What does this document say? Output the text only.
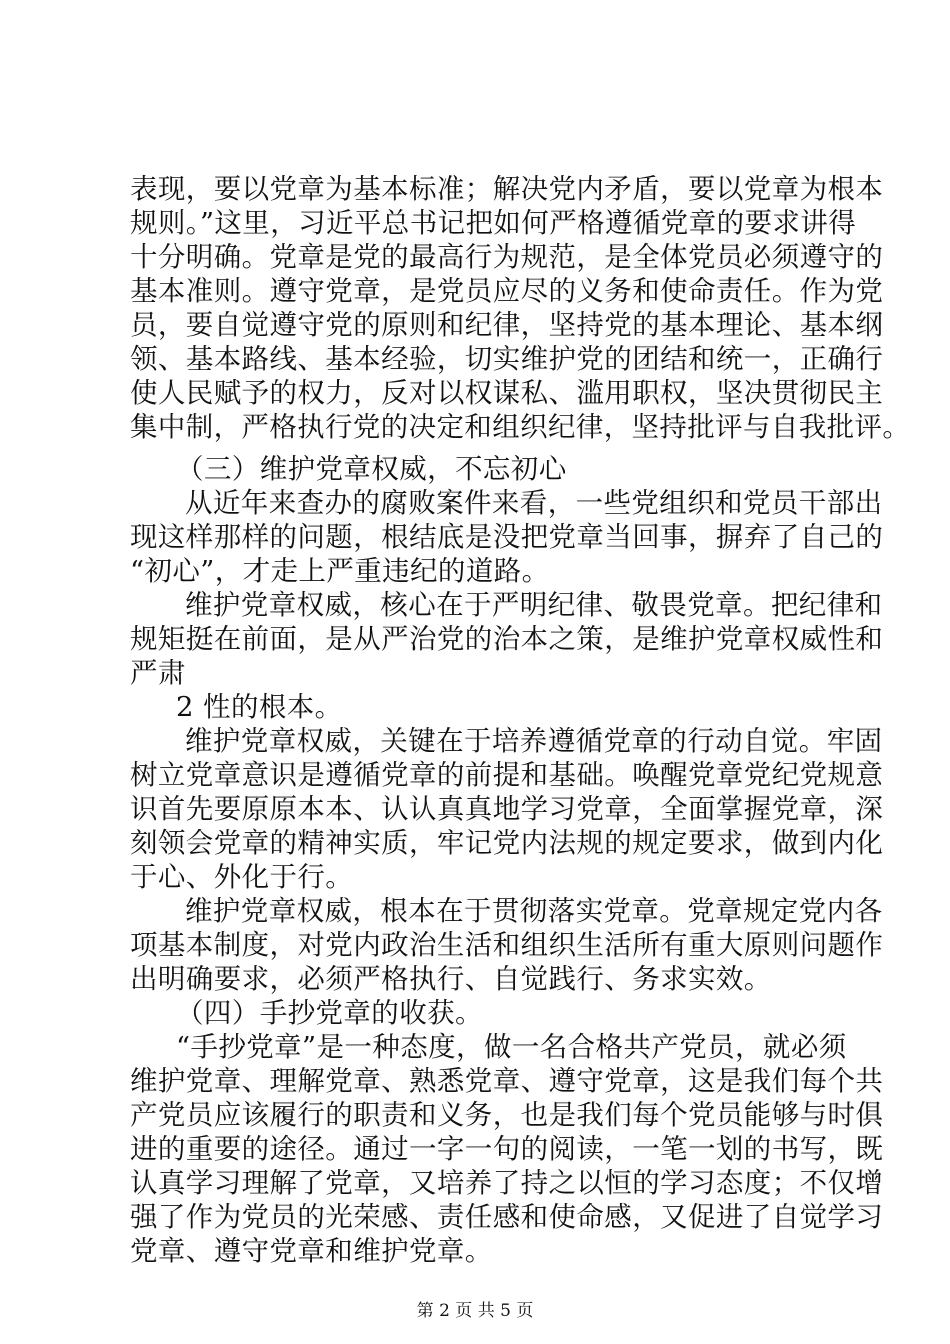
表现，要以党章为基本标准；解决党内矛盾，要以党章为根本
规则。”这里，习近平总书记把如何严格遵循党章的要求讲得
十分明确。党章是党的最高行为规范，是全体党员必须遵守的
基本准则。遵守党章，是党员应尽的义务和使命责任。作为党
员，要自觉遵守党的原则和纪律，坚持党的基本理论、基本纲
领、基本路线、基本经验，切实维护党的团结和统一，正确行
使人民赋予的权力，反对以权谋私、滥用职权，坚决贯彻民主
集中制，严格执行党的决定和组织纪律，坚持批评与自我批评。
（三）维护党章权威，不忘初心
从近年来查办的腐败案件来看，一些党组织和党员干部出
现这样那样的问题，根结底是没把党章当回事，摒弃了自己的
“初心”，才走上严重违纪的道路。
维护党章权威，核心在于严明纪律、敬畏党章。把纪律和
规矩挺在前面，是从严治党的治本之策，是维护党章权威性和
严肃
2 性的根本。
维护党章权威，关键在于培养遵循党章的行动自觉。牢固
树立党章意识是遵循党章的前提和基础。唤醒党章党纪党规意
识首先要原原本本、认认真真地学习党章，全面掌握党章，深
刻领会党章的精神实质，牢记党内法规的规定要求，做到内化
于心、外化于行。
维护党章权威，根本在于贯彻落实党章。党章规定党内各
项基本制度，对党内政治生活和组织生活所有重大原则问题作
出明确要求，必须严格执行、自觉践行、务求实效。
（四）手抄党章的收获。
“手抄党章”是一种态度，做一名合格共产党员，就必须
维护党章、理解党章、熟悉党章、遵守党章，这是我们每个共
产党员应该履行的职责和义务，也是我们每个党员能够与时俱
进的重要的途径。通过一字一句的阅读，一笔一划的书写，既
认真学习理解了党章，又培养了持之以恒的学习态度；不仅增
强了作为党员的光荣感、责任感和使命感，又促进了自觉学习
党章、遵守党章和维护党章。
第 2 页 共 5 页
